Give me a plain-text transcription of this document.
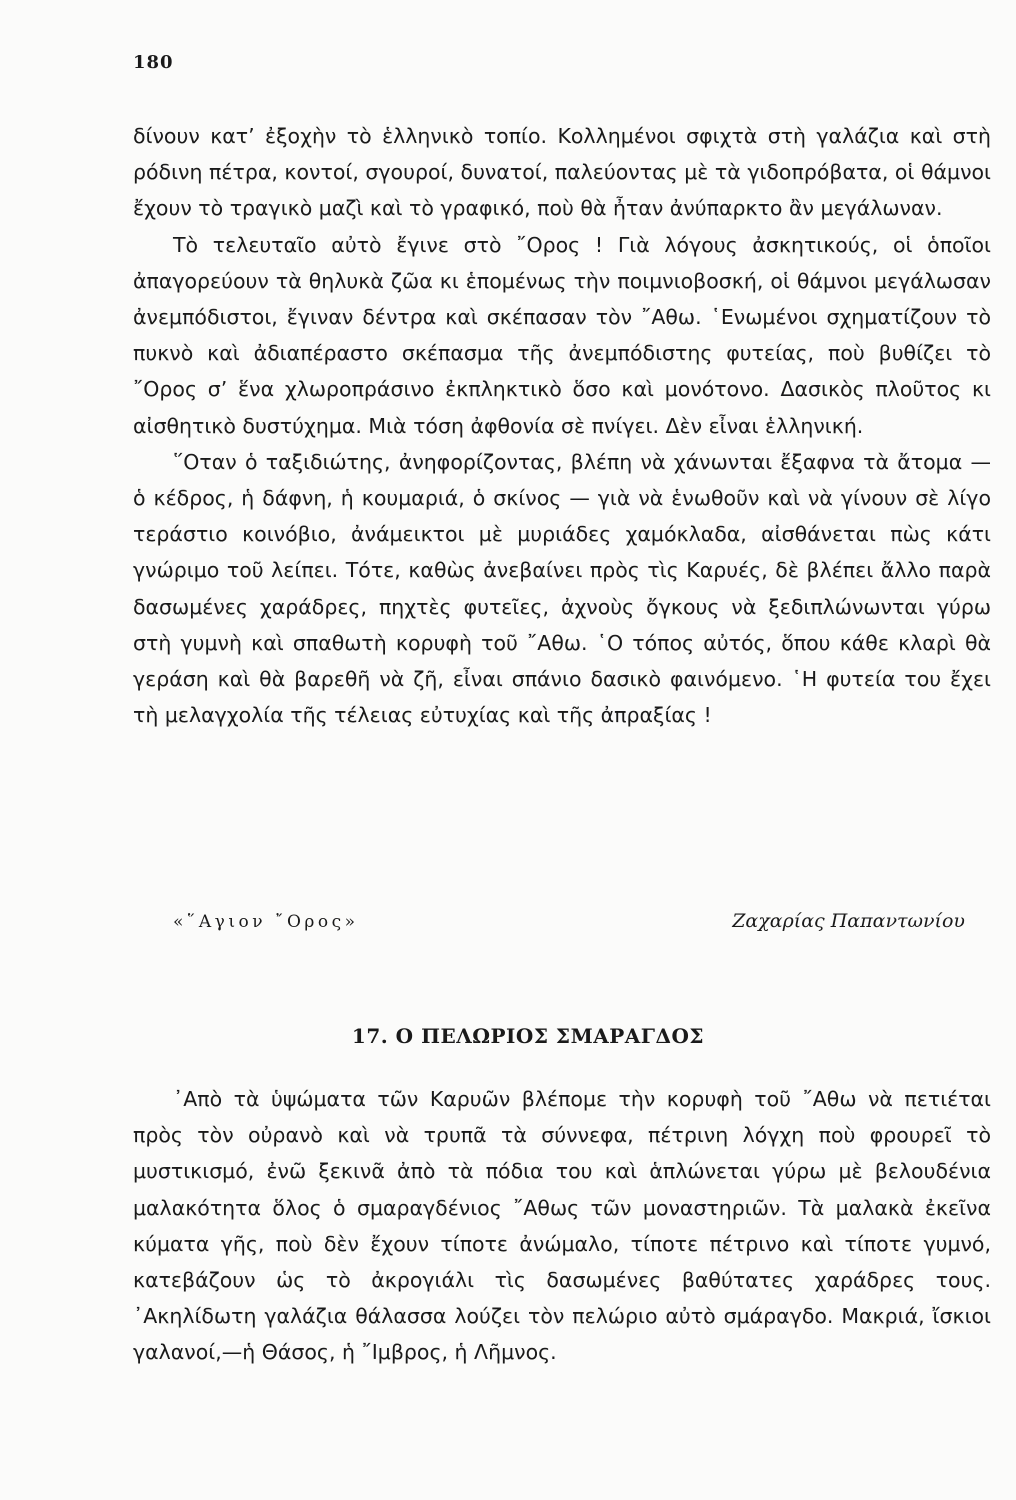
180

δίνουν κατ’ ἐξοχὴν τὸ ἑλληνικὸ τοπίο. Κολλημένοι σφιχτὰ στὴ γαλάζια καὶ στὴ ρόδινη πέτρα, κοντοί, σγουροί, δυνατοί, παλεύοντας μὲ τὰ γιδοπρόβατα, οἱ θάμνοι ἔχουν τὸ τραγικὸ μαζὶ καὶ τὸ γραφικό, ποὺ θὰ ἦταν ἀνύπαρκτο ἂν μεγάλωναν.

Τὸ τελευταῖο αὐτὸ ἔγινε στὸ ῎Ορος ! Γιὰ λόγους ἀσκητικούς, οἱ ὁποῖοι ἀπαγορεύουν τὰ θηλυκὰ ζῶα κι ἑπομένως τὴν ποιμνιοβοσκή, οἱ θάμνοι μεγάλωσαν ἀνεμπόδιστοι, ἔγιναν δέντρα καὶ σκέπασαν τὸν ῎Αθω. ῾Ενωμένοι σχηματίζουν τὸ πυκνὸ καὶ ἀδιαπέραστο σκέπασμα τῆς ἀνεμπόδιστης φυτείας, ποὺ βυθίζει τὸ ῎Ορος σ’ ἕνα χλωροπράσινο ἐκπληκτικὸ ὅσο καὶ μονότονο. Δασικὸς πλοῦτος κι αἰσθητικὸ δυστύχημα. Μιὰ τόση ἀφθονία σὲ πνίγει. Δὲν εἶναι ἑλληνική.

῞Οταν ὁ ταξιδιώτης, ἀνηφορίζοντας, βλέπη νὰ χάνωνται ἔξαφνα τὰ ἄτομα — ὁ κέδρος, ἡ δάφνη, ἡ κουμαριά, ὁ σκίνος — γιὰ νὰ ἑνωθοῦν καὶ νὰ γίνουν σὲ λίγο τεράστιο κοινόβιο, ἀνάμεικτοι μὲ μυριάδες χαμόκλαδα, αἰσθάνεται πὼς κάτι γνώριμο τοῦ λείπει. Τότε, καθὼς ἀνεβαίνει πρὸς τὶς Καρυές, δὲ βλέπει ἄλλο παρὰ δασωμένες χαράδρες, πηχτὲς φυτεῖες, ἀχνοὺς ὄγκους νὰ ξεδιπλώνωνται γύρω στὴ γυμνὴ καὶ σπαθωτὴ κορυφὴ τοῦ ῎Αθω. ῾Ο τόπος αὐτός, ὅπου κάθε κλαρὶ θὰ γεράση καὶ θὰ βαρεθῆ νὰ ζῆ, εἶναι σπάνιο δασικὸ φαινόμενο. ῾Η φυτεία του ἔχει τὴ μελαγχολία τῆς τέλειας εὐτυχίας καὶ τῆς ἀπραξίας !

«῞Αγιον ῎Ορος»	Ζαχαρίας Παπαντωνίου
17. Ο ΠΕΛΩΡΙΟΣ ΣΜΑΡΑΓΔΟΣ

᾿Απὸ τὰ ὑψώματα τῶν Καρυῶν βλέπομε τὴν κορυφὴ τοῦ ῎Αθω νὰ πετιέται πρὸς τὸν οὐρανὸ καὶ νὰ τρυπᾶ τὰ σύννεφα, πέτρινη λόγχη ποὺ φρουρεῖ τὸ μυστικισμό, ἐνῶ ξεκινᾶ ἀπὸ τὰ πόδια του καὶ ἁπλώνεται γύρω μὲ βελουδένια μαλακότητα ὅλος ὁ σμαραγδένιος ῎Αθως τῶν μοναστηριῶν. Τὰ μαλακὰ ἐκεῖνα κύματα γῆς, ποὺ δὲν ἔχουν τίποτε ἀνώμαλο, τίποτε πέτρινο καὶ τίποτε γυμνό, κατεβάζουν ὡς τὸ ἀκρογιάλι τὶς δασωμένες βαθύτατες χαράδρες τους. ᾿Ακηλίδωτη γαλάζια θάλασσα λούζει τὸν πελώριο αὐτὸ σμάραγδο. Μακριά, ἴσκιοι γαλανοί,—ἡ Θάσος, ἡ ῎Ιμβρος, ἡ Λῆμνος.
